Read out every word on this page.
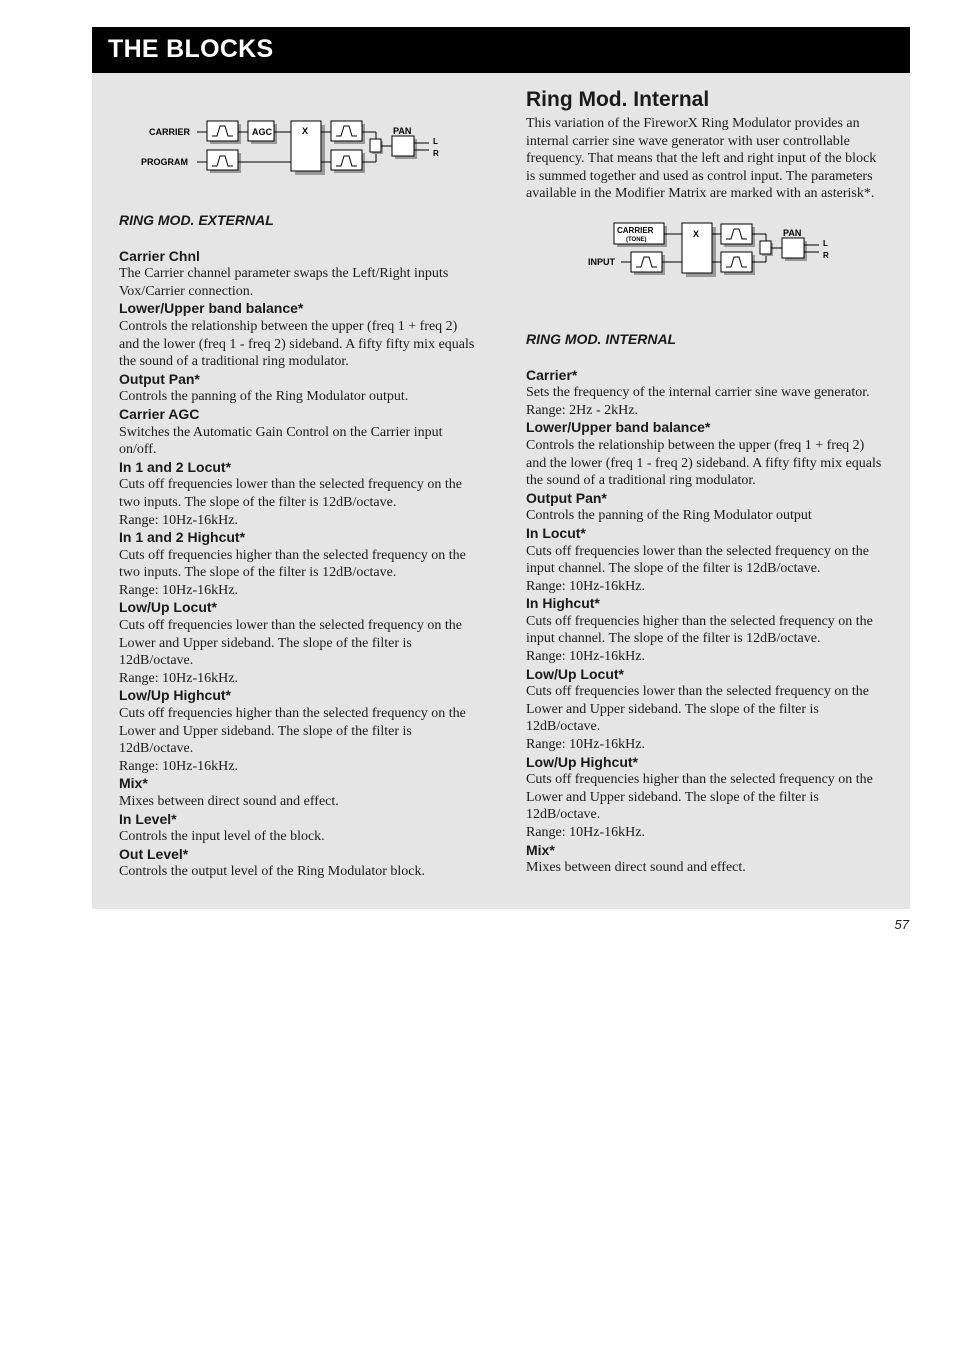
THE BLOCKS
CARRIER	AGC
PROGRAM
X	PAN
L
R

RING MOD. EXTERNAL

Carrier Chnl

The Carrier channel parameter swaps the Left/Right inputs Vox/Carrier connection.

Lower/Upper band balance*

Controls the relationship between the upper (freq 1 + freq 2) and the lower (freq 1 - freq 2) sideband. A fifty fifty mix equals the sound of a traditional ring modulator.

Output Pan*

Controls the panning of the Ring Modulator output.

Carrier AGC

Switches the Automatic Gain Control on the Carrier input on/off.

In 1 and 2 Locut*

Cuts off frequencies lower than the selected frequency on the two inputs. The slope of the filter is 12dB/octave.

Range: 10Hz-16kHz.

In 1 and 2 Highcut*

Cuts off frequencies higher than the selected frequency on the two inputs. The slope of the filter is 12dB/octave.

Range: 10Hz-16kHz.

Low/Up Locut*

Cuts off frequencies lower than the selected frequency on the Lower and Upper sideband. The slope of the filter is 12dB/octave.

Range: 10Hz-16kHz.

Low/Up Highcut*

Cuts off frequencies higher than the selected frequency on the Lower and Upper sideband. The slope of the filter is 12dB/octave.

Range: 10Hz-16kHz.

Mix*

Mixes between direct sound and effect.

In Level*

Controls the input level of the block.

Out Level*

Controls the output level of the Ring Modulator block.

Ring Mod. Internal

This variation of the FireworX Ring Modulator provides an internal carrier sine wave generator with user controllable frequency. That means that the left and right input of the block is summed together and used as control input. The parameters available in the Modifier Matrix are marked with an asterisk*.

CARRIER
(TONE)
INPUT
X	PAN
L
R

RING MOD. INTERNAL

Carrier*

Sets the frequency of the internal carrier sine wave generator. Range: 2Hz - 2kHz.

Lower/Upper band balance*

Controls the relationship between the upper (freq 1 + freq 2) and the lower (freq 1 - freq 2) sideband. A fifty fifty mix equals the sound of a traditional ring modulator.

Output Pan*

Controls the panning of the Ring Modulator output

In Locut*

Cuts off frequencies lower than the selected frequency on the input channel. The slope of the filter is 12dB/octave.

Range: 10Hz-16kHz.

In Highcut*

Cuts off frequencies higher than the selected frequency on the input channel. The slope of the filter is 12dB/octave.

Range: 10Hz-16kHz.

Low/Up Locut*

Cuts off frequencies lower than the selected frequency on the Lower and Upper sideband. The slope of the filter is 12dB/octave.

Range: 10Hz-16kHz.

Low/Up Highcut*

Cuts off frequencies higher than the selected frequency on the Lower and Upper sideband. The slope of the filter is 12dB/octave.

Range: 10Hz-16kHz.

Mix*

Mixes between direct sound and effect.

57
